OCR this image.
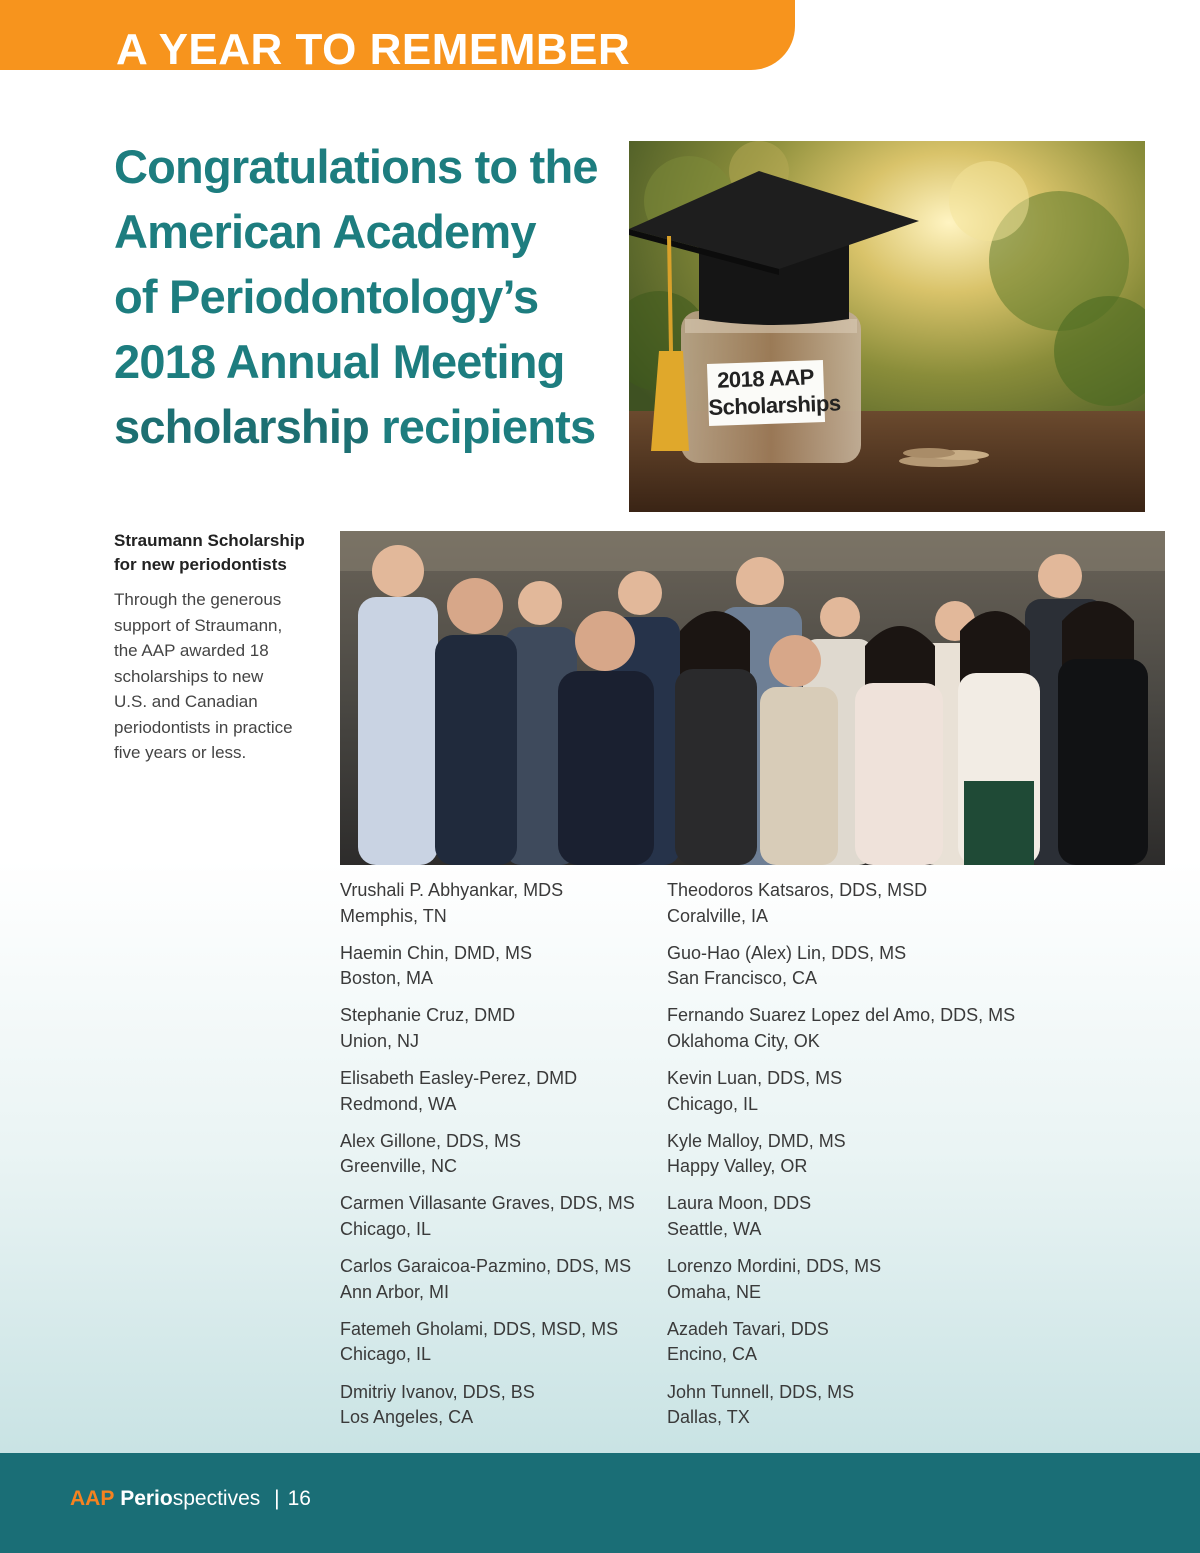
A YEAR TO REMEMBER
Congratulations to the
American Academy
of Periodontology’s
2018 Annual Meeting
scholarship recipients
2018 AAP
Scholarships
Straumann Scholarship
for new periodontists

Through the generous
support of Straumann,
the AAP awarded 18
scholarships to new
U.S. and Canadian
periodontists in practice
five years or less.

Vrushali P. Abhyankar, MDS
Memphis, TN
Haemin Chin, DMD, MS
Boston, MA
Stephanie Cruz, DMD
Union, NJ
Elisabeth Easley-Perez, DMD
Redmond, WA
Alex Gillone, DDS, MS
Greenville, NC
Carmen Villasante Graves, DDS, MS
Chicago, IL
Carlos Garaicoa-Pazmino, DDS, MS
Ann Arbor, MI
Fatemeh Gholami, DDS, MSD, MS
Chicago, IL
Dmitriy Ivanov, DDS, BS
Los Angeles, CA
Theodoros Katsaros, DDS, MSD
Coralville, IA
Guo-Hao (Alex) Lin, DDS, MS
San Francisco, CA
Fernando Suarez Lopez del Amo, DDS, MS
Oklahoma City, OK
Kevin Luan, DDS, MS
Chicago, IL
Kyle Malloy, DMD, MS
Happy Valley, OR
Laura Moon, DDS
Seattle, WA
Lorenzo Mordini, DDS, MS
Omaha, NE
Azadeh Tavari, DDS
Encino, CA
John Tunnell, DDS, MS
Dallas, TX
AAP Periospectives | 16
